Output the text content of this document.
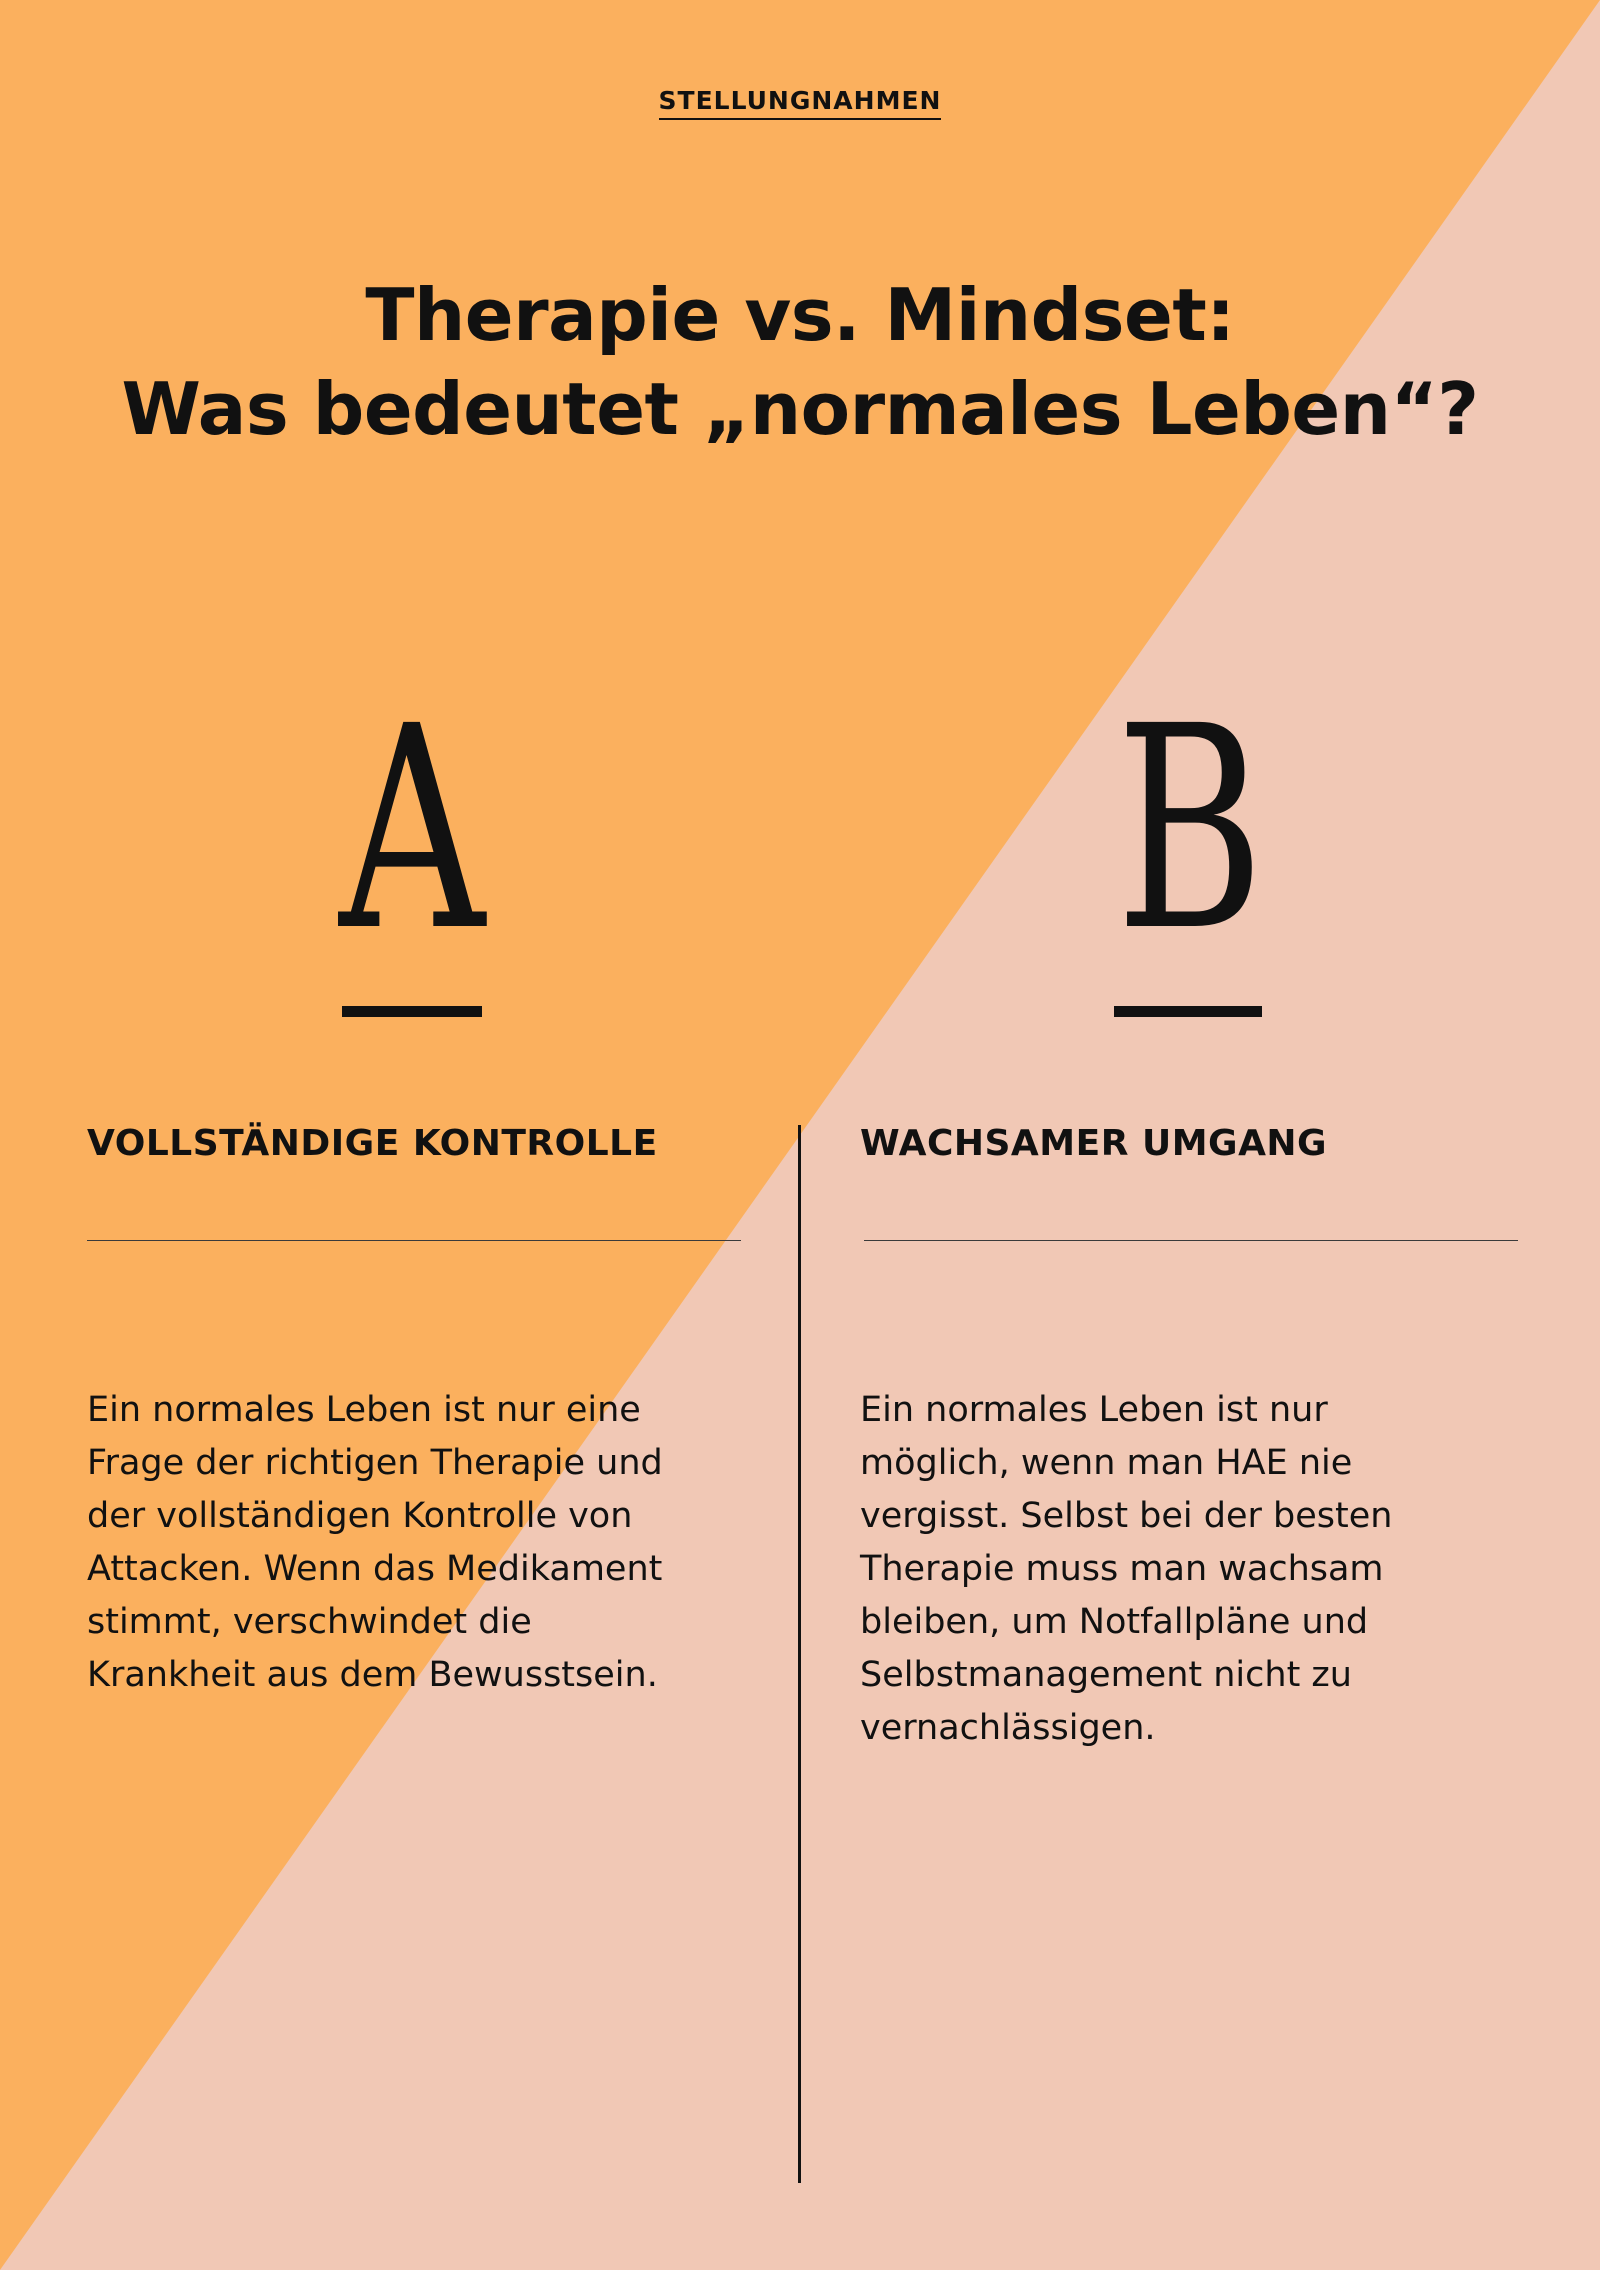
STELLUNGNAHMEN
Therapie vs. Mindset:
Was bedeutet „normales Leben“?
A B
VOLLSTÄNDIGE KONTROLLE	WACHSAMER UMGANG
Ein normales Leben ist nur eine
Frage der richtigen Therapie und
der vollständigen Kontrolle von
Attacken. Wenn das Medikament
stimmt, verschwindet die
Krankheit aus dem Bewusstsein.
Ein normales Leben ist nur
möglich, wenn man HAE nie
vergisst. Selbst bei der besten
Therapie muss man wachsam
bleiben, um Notfallpläne und
Selbstmanagement nicht zu
vernachlässigen.
